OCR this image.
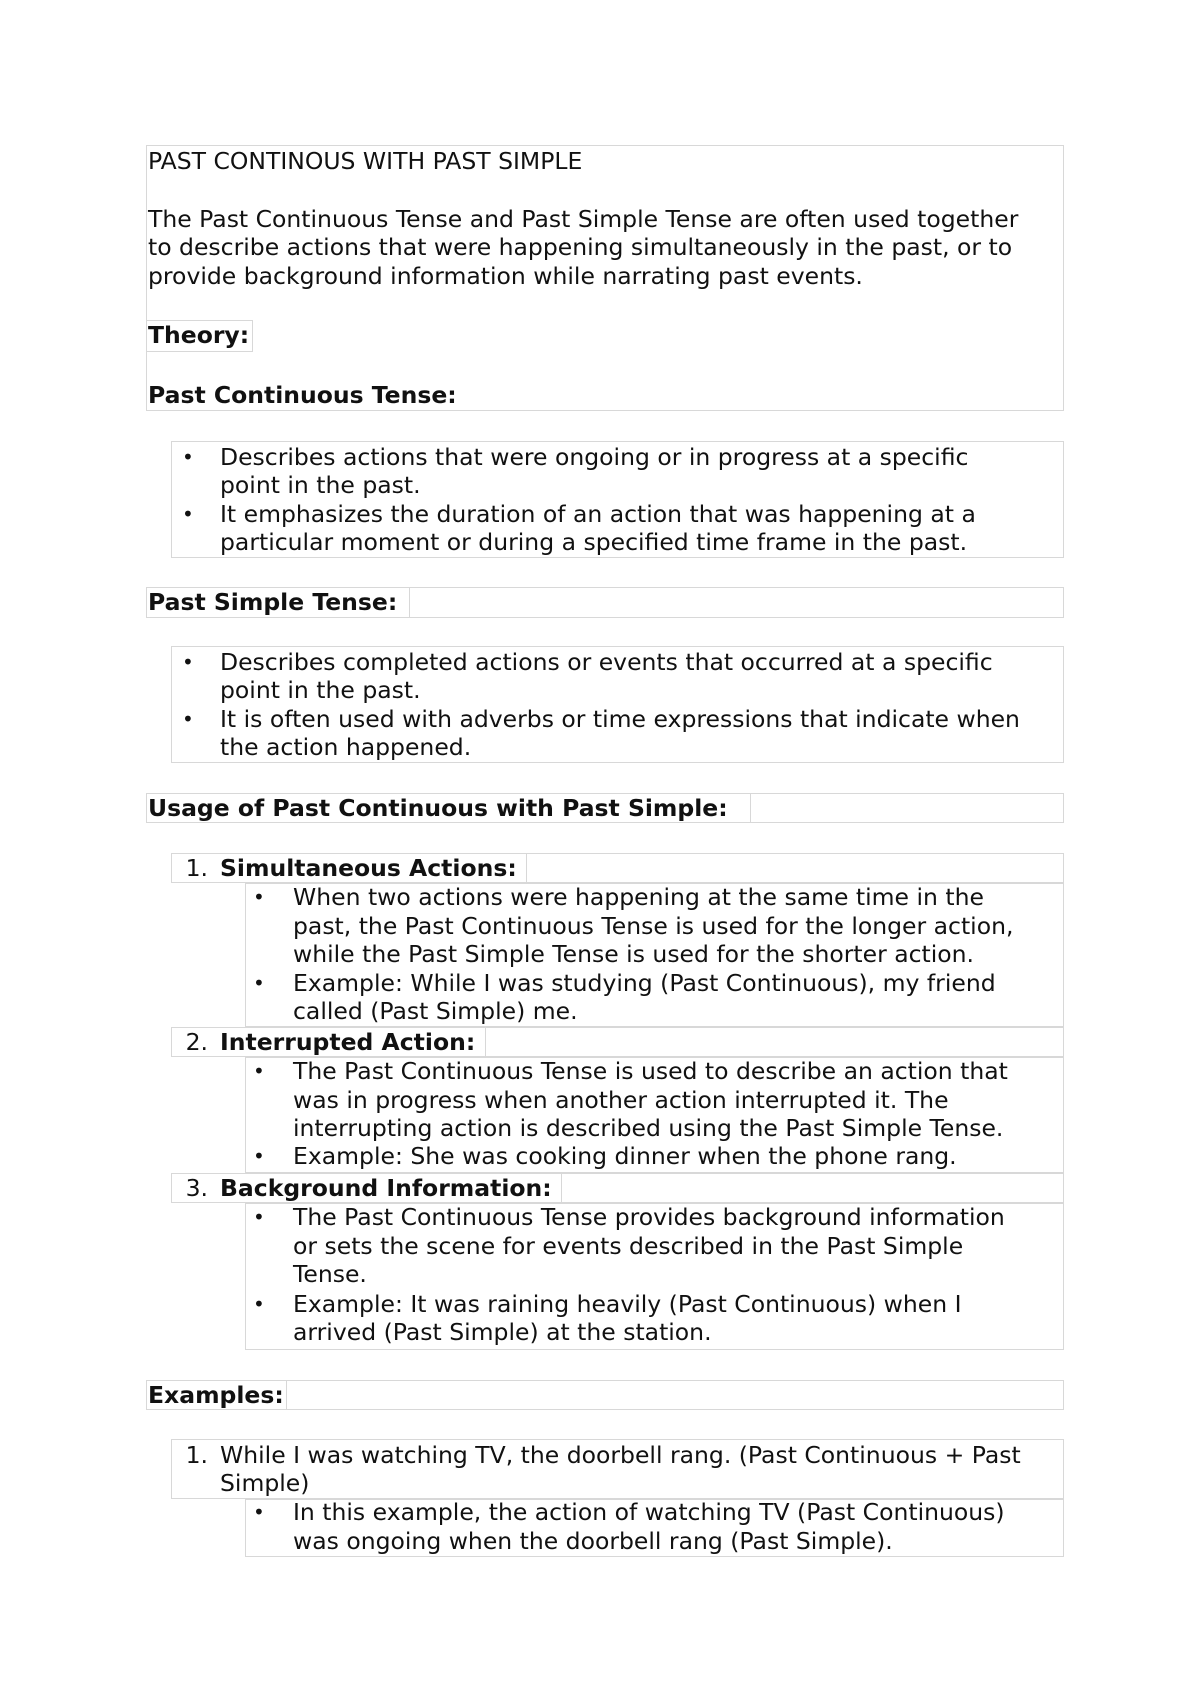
PAST CONTINOUS WITH PAST SIMPLE
The Past Continuous Tense and Past Simple Tense are often used together
to describe actions that were happening simultaneously in the past, or to
provide background information while narrating past events.
Theory:
Past Continuous Tense:
• Describes actions that were ongoing or in progress at a specific
point in the past.
• It emphasizes the duration of an action that was happening at a
particular moment or during a specified time frame in the past.
Past Simple Tense:
• Describes completed actions or events that occurred at a specific
point in the past.
• It is often used with adverbs or time expressions that indicate when
the action happened.
Usage of Past Continuous with Past Simple:
1. Simultaneous Actions:
• When two actions were happening at the same time in the
past, the Past Continuous Tense is used for the longer action,
while the Past Simple Tense is used for the shorter action.
• Example: While I was studying (Past Continuous), my friend
called (Past Simple) me.
2. Interrupted Action:
• The Past Continuous Tense is used to describe an action that
was in progress when another action interrupted it. The
interrupting action is described using the Past Simple Tense.
• Example: She was cooking dinner when the phone rang.
3. Background Information:
• The Past Continuous Tense provides background information
or sets the scene for events described in the Past Simple
Tense.
• Example: It was raining heavily (Past Continuous) when I
arrived (Past Simple) at the station.
Examples:
1. While I was watching TV, the doorbell rang. (Past Continuous + Past
Simple)
• In this example, the action of watching TV (Past Continuous)
was ongoing when the doorbell rang (Past Simple).
